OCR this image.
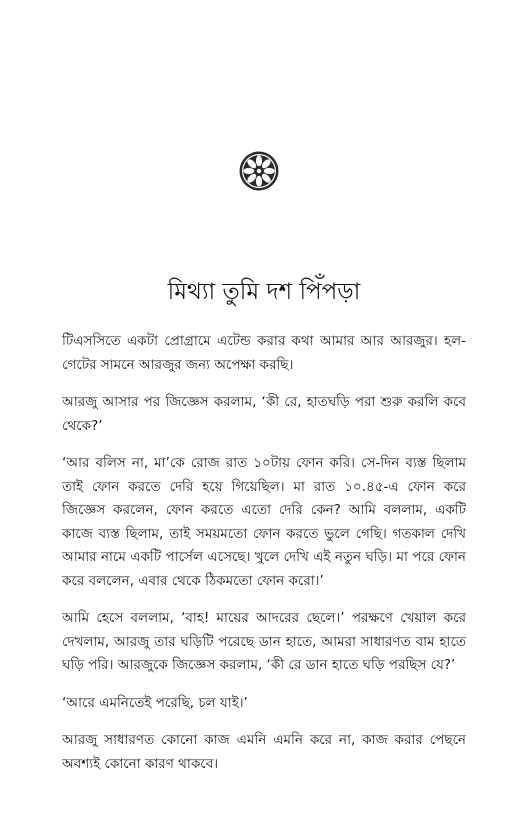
মিথ্যা তুমি দশ পিঁপড়া

টিএসসিতে একটা প্রোগ্রামে এটেন্ড করার কথা আমার আর আরজুর। হল-গেটের সামনে আরজুর জন্য অপেক্ষা করছি।

আরজু আসার পর জিজ্ঞেস করলাম, ‘কী রে, হাতঘড়ি পরা শুরু করলি কবে থেকে?’

‘আর বলিস না, মা’কে রোজ রাত ১০টায় ফোন করি। সে-দিন ব্যস্ত ছিলাম তাই ফোন করতে দেরি হয়ে গিয়েছিল। মা রাত ১০.৪৫-এ ফোন করে জিজ্ঞেস করলেন, ফোন করতে এতো দেরি কেন? আমি বললাম, একটি কাজে ব্যস্ত ছিলাম, তাই সময়মতো ফোন করতে ভুলে গেছি। গতকাল দেখি আমার নামে একটি পার্সেল এসেছে। খুলে দেখি এই নতুন ঘড়ি। মা পরে ফোন করে বললেন, এবার থেকে ঠিকমতো ফোন করো।’

আমি হেসে বললাম, ‘বাহ! মায়ের আদরের ছেলে।’ পরক্ষণে খেয়াল করে দেখলাম, আরজু তার ঘড়িটি পরেছে ডান হাতে, আমরা সাধারণত বাম হাতে ঘড়ি পরি। আরজুকে জিজ্ঞেস করলাম, ‘কী রে ডান হাতে ঘড়ি পরছিস যে?’

‘আরে এমনিতেই পরেছি, চল যাই।’

আরজু সাধারণত কোনো কাজ এমনি এমনি করে না, কাজ করার পেছনে অবশ্যই কোনো কারণ থাকবে।
